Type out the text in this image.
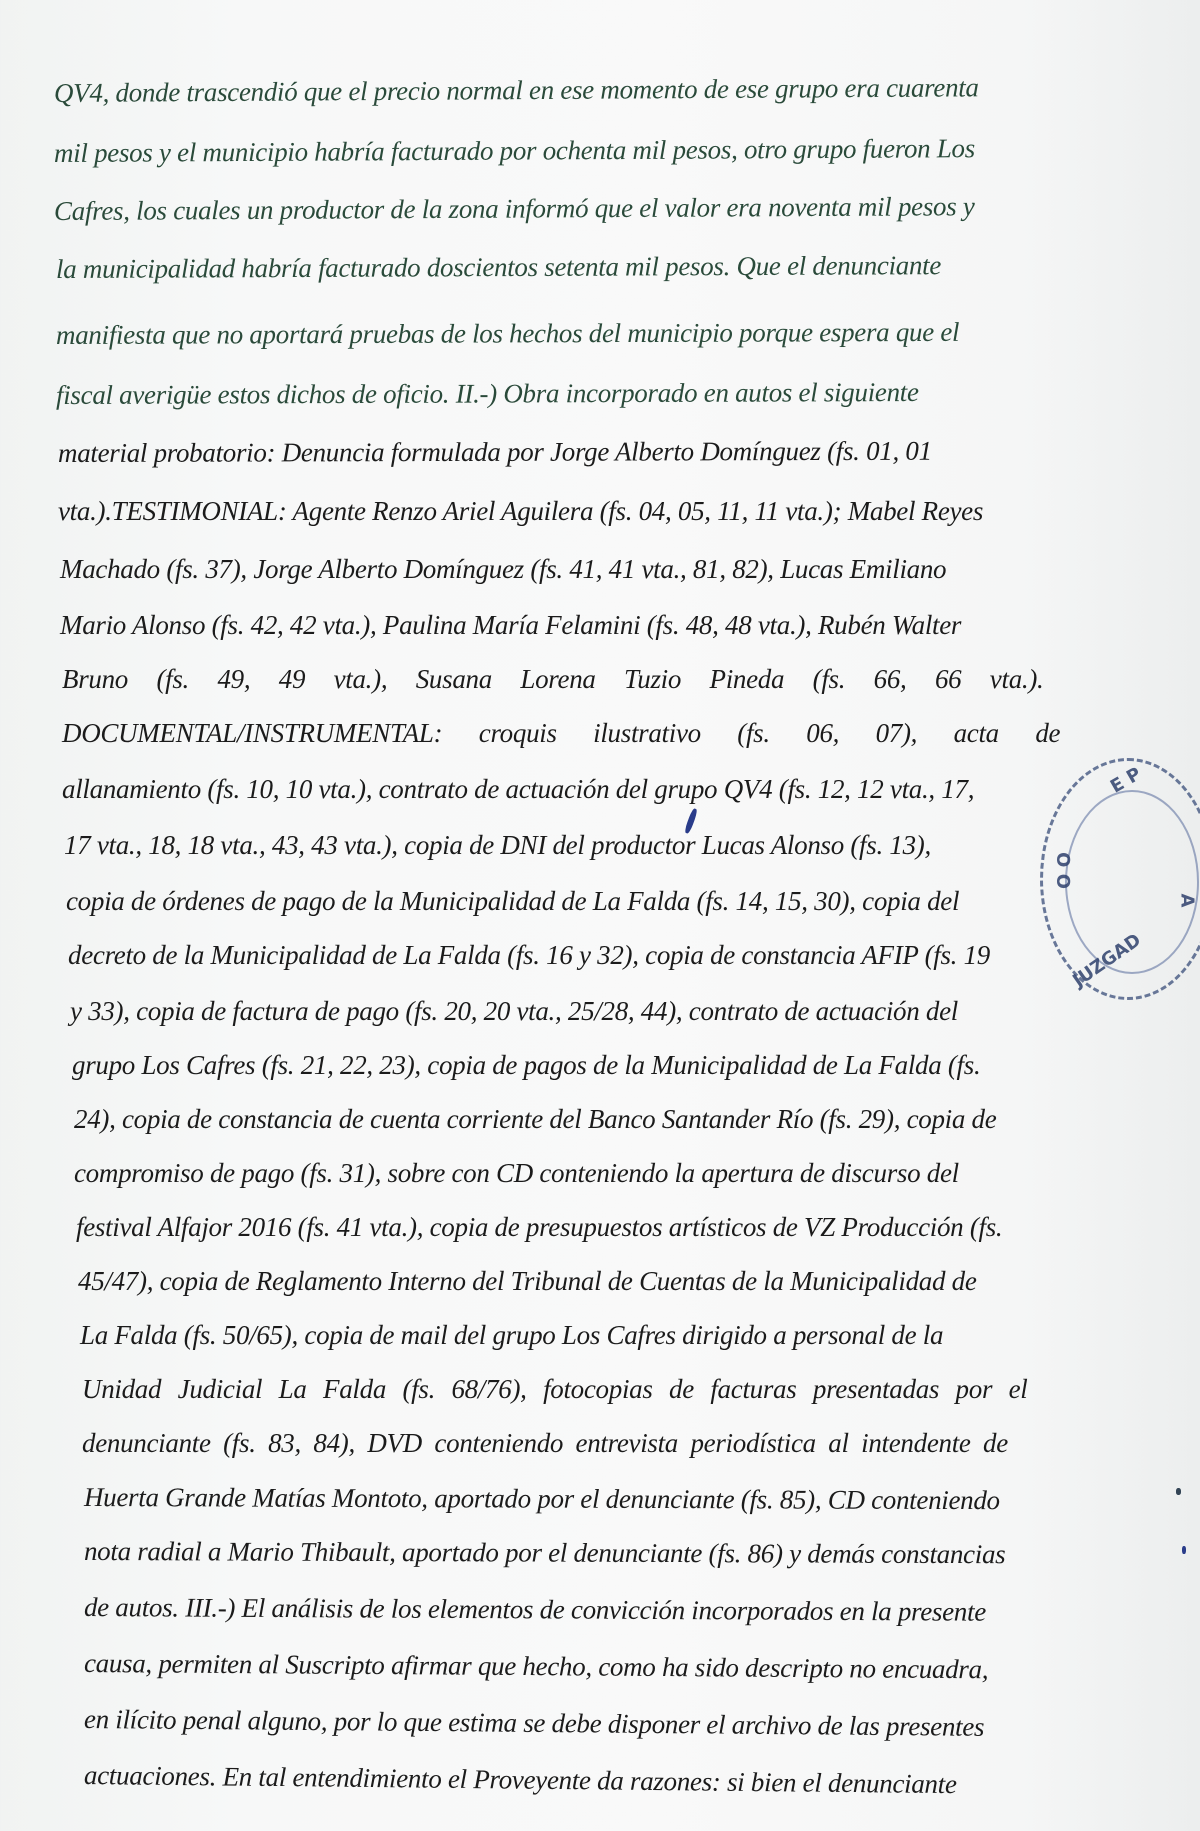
QV4, donde trascendió que el precio normal en ese momento de ese grupo era cuarenta
mil pesos y el municipio habría facturado por ochenta mil pesos, otro grupo fueron Los
Cafres, los cuales un productor de la zona informó que el valor era noventa mil pesos y
la municipalidad habría facturado doscientos setenta mil pesos. Que el denunciante
manifiesta que no aportará pruebas de los hechos del municipio porque espera que el
fiscal averigüe estos dichos de oficio. II.-) Obra incorporado en autos el siguiente
material probatorio: Denuncia formulada por Jorge Alberto Domínguez (fs. 01, 01
vta.).TESTIMONIAL: Agente Renzo Ariel Aguilera (fs. 04, 05, 11, 11 vta.); Mabel Reyes
Machado (fs. 37), Jorge Alberto Domínguez (fs. 41, 41 vta., 81, 82), Lucas Emiliano
Mario Alonso (fs. 42, 42 vta.), Paulina María Felamini (fs. 48, 48 vta.), Rubén Walter
Bruno (fs. 49, 49 vta.), Susana Lorena Tuzio Pineda (fs. 66, 66 vta.).
DOCUMENTAL/INSTRUMENTAL: croquis ilustrativo (fs. 06, 07), acta de
allanamiento (fs. 10, 10 vta.), contrato de actuación del grupo QV4 (fs. 12, 12 vta., 17,
17 vta., 18, 18 vta., 43, 43 vta.), copia de DNI del productor Lucas Alonso (fs. 13),
copia de órdenes de pago de la Municipalidad de La Falda (fs. 14, 15, 30), copia del
decreto de la Municipalidad de La Falda (fs. 16 y 32), copia de constancia AFIP (fs. 19
y 33), copia de factura de pago (fs. 20, 20 vta., 25/28, 44), contrato de actuación del
grupo Los Cafres (fs. 21, 22, 23), copia de pagos de la Municipalidad de La Falda (fs.
24), copia de constancia de cuenta corriente del Banco Santander Río (fs. 29), copia de
compromiso de pago (fs. 31), sobre con CD conteniendo la apertura de discurso del
festival Alfajor 2016 (fs. 41 vta.), copia de presupuestos artísticos de VZ Producción (fs.
45/47), copia de Reglamento Interno del Tribunal de Cuentas de la Municipalidad de
La Falda (fs. 50/65), copia de mail del grupo Los Cafres dirigido a personal de la
Unidad Judicial La Falda (fs. 68/76), fotocopias de facturas presentadas por el
denunciante (fs. 83, 84), DVD conteniendo entrevista periodística al intendente de
Huerta Grande Matías Montoto, aportado por el denunciante (fs. 85), CD conteniendo
nota radial a Mario Thibault, aportado por el denunciante (fs. 86) y demás constancias
de autos. III.-) El análisis de los elementos de convicción incorporados en la presente
causa, permiten al Suscripto afirmar que hecho, como ha sido descripto no encuadra,
en ilícito penal alguno, por lo que estima se debe disponer el archivo de las presentes
actuaciones. En tal entendimiento el Proveyente da razones: si bien el denunciante
E P
O O
JUZGAD
A
